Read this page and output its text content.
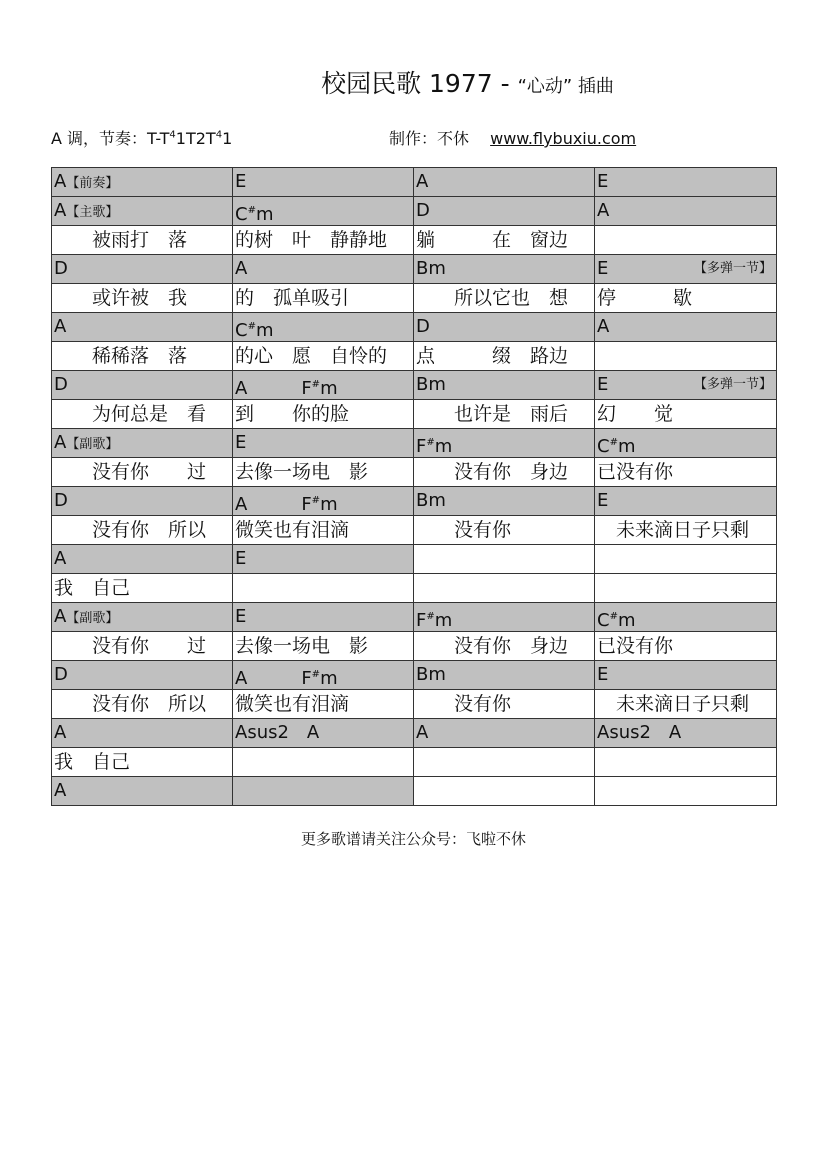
校园民歌 1977 - “心动” 插曲
A 调，节奏：$T-T^41T2T^41$	制作：不休 www.flybuxiu.com
A【前奏】	E	A	E

A【主歌】	C#m	D	A

　　被雨打　落	的树　叶　静静地	躺　　　在　窗边	

D	A	Bm	E 【多弹一节】

　　或许被　我	的　孤单吸引	　　所以它也　想	停　　　歇

A	C#m	D	A

　　稀稀落　落	的心　愿　自怜的	点　　　缀　路边	

D	A　　　F#m	Bm	E 【多弹一节】

　　为何总是　看	到　　你的脸	　　也许是　雨后	幻　　觉

A【副歌】	E	F#m	C#m

　　没有你　　过	去像一场电　影	　　没有你　身边	已没有你

D	A　　　F#m	Bm	E

　　没有你　所以	微笑也有泪滴	　　没有你	　未来滴日子只剩

A	E		

我　自己			

A【副歌】	E	F#m	C#m

　　没有你　　过	去像一场电　影	　　没有你　身边	已没有你

D	A　　　F#m	Bm	E

　　没有你　所以	微笑也有泪滴	　　没有你	　未来滴日子只剩

A	Asus2　A	A	Asus2　A

我　自己			

A			

更多歌谱请关注公众号：飞啦不休
